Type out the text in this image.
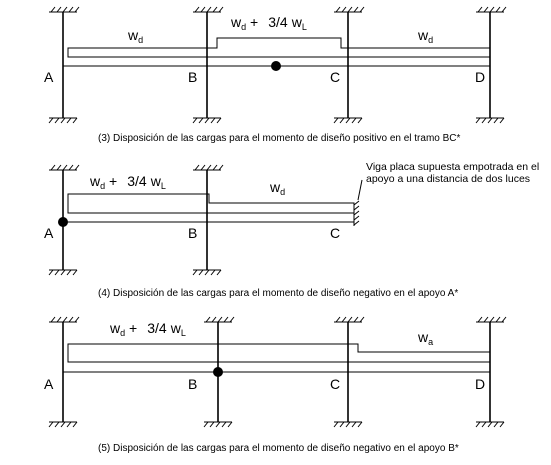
$w_d$
$w_d + 3/4$ $w_L$	$w_d$
A	B	C	D
(3) Disposición de las cargas para el momento de diseño positivo en el tramo BC*
$w_d + 3/4$ $w_L$	$w_d$
Viga placa supuesta empotrada en el
apoyo a una distancia de dos luces
A	B	C
(4) Disposición de las cargas para el momento de diseño negativo en el apoyo A*
$w_d + 3/4$ $w_L$	$w_a$
A	B	C	D
(5) Disposición de las cargas para el momento de diseño negativo en el apoyo B*
